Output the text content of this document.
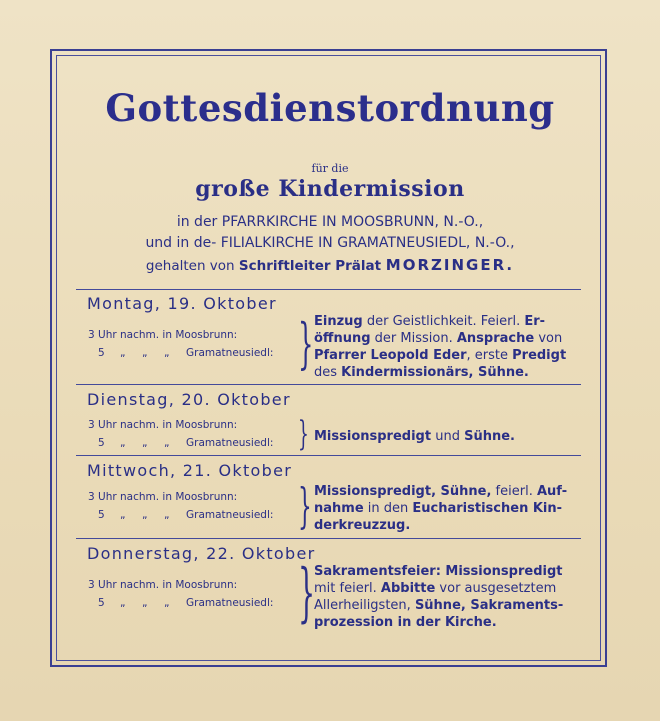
Gottesdienstordnung
für die
große Kindermission
in der PFARRKIRCHE IN MOOSBRUNN, N.-O.,
und in de- FILIALKIRCHE IN GRAMATNEUSIEDL, N.-O.,
gehalten von Schriftleiter Prälat MORZINGER.
Montag, 19. Oktober
3 Uhr nachm. in Moosbrunn:
5 „ „ „ Gramatneusiedl: } Einzug der Geistlichkeit. Feierl. Er-
öffnung der Mission. Ansprache von
Pfarrer Leopold Eder, erste Predigt
des Kindermissionärs, Sühne.
Dienstag, 20. Oktober
3 Uhr nachm. in Moosbrunn:
5 „ „ „ Gramatneusiedl: } Missionspredigt und Sühne.
Mittwoch, 21. Oktober
3 Uhr nachm. in Moosbrunn:
5 „ „ „ Gramatneusiedl: } Missionspredigt, Sühne, feierl. Auf-
nahme in den Eucharistischen Kin-
derkreuzzug.
Donnerstag, 22. Oktober
3 Uhr nachm. in Moosbrunn:
5 „ „ „ Gramatneusiedl: }
Sakramentsfeier: Missionspredigt
mit feierl. Abbitte vor ausgesetztem
Allerheiligsten, Sühne, Sakraments-
prozession in der Kirche.
